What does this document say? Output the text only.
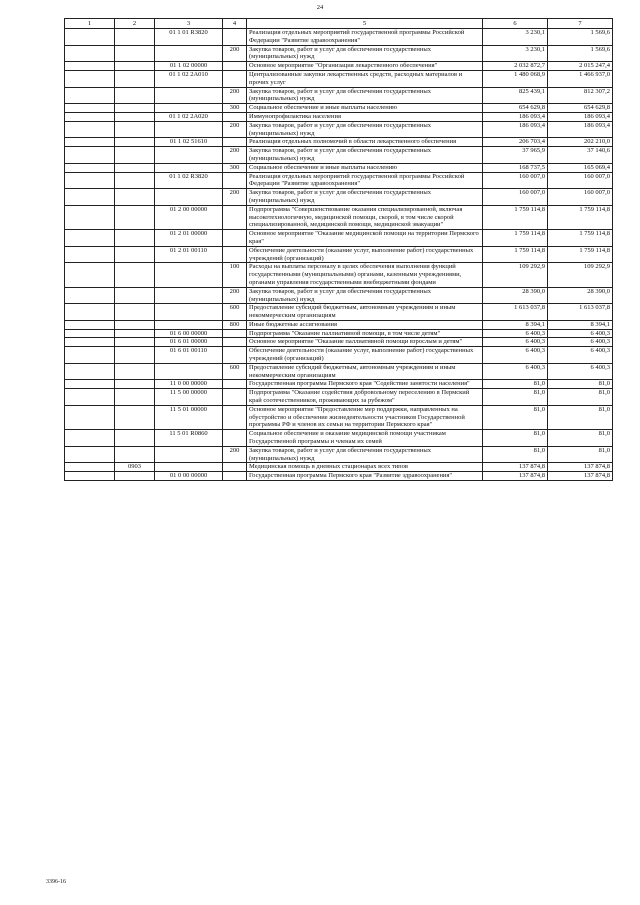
24
1	2	3	4	5	6	7
		01 1 01 R3820		Реализация отдельных мероприятий государственной программы Российской Федерации "Развитие здравоохранения"	3 230,1	1 569,6
			200	Закупка товаров, работ и услуг для обеспечения государственных (муниципальных) нужд	3 230,1	1 569,6
		01 1 02 00000		Основное мероприятие "Организация лекарственного обеспечения"	2 032 872,7	2 015 247,4
		01 1 02 2А010		Централизованные закупки лекарственных средств, расходных материалов и прочих услуг	1 480 068,9	1 466 937,0
			200	Закупка товаров, работ и услуг для обеспечения государственных (муниципальных) нужд	825 439,1	812 307,2
			300	Социальное обеспечение и иные выплаты населению	654 629,8	654 629,8
		01 1 02 2А020		Иммунопрофилактика населения	186 093,4	186 093,4
			200	Закупка товаров, работ и услуг для обеспечения государственных (муниципальных) нужд	186 093,4	186 093,4
		01 1 02 51610		Реализация отдельных полномочий в области лекарственного обеспечения	206 703,4	202 210,0
			200	Закупка товаров, работ и услуг для обеспечения государственных (муниципальных) нужд	37 965,9	37 140,6
			300	Социальное обеспечение и иные выплаты населению	168 737,5	165 069,4
		01 1 02 R3820		Реализация отдельных мероприятий государственной программы Российской Федерации "Развитие здравоохранения"	160 007,0	160 007,0
			200	Закупка товаров, работ и услуг для обеспечения государственных (муниципальных) нужд	160 007,0	160 007,0
		01 2 00 00000		Подпрограмма "Совершенствование оказания специализированной, включая высокотехнологичную, медицинской помощи, скорой, в том числе скорой специализированной, медицинской помощи, медицинской эвакуации"	1 759 114,8	1 759 114,8
		01 2 01 00000		Основное мероприятие "Оказание медицинской помощи на территории Пермского края"	1 759 114,8	1 759 114,8
		01 2 01 00110		Обеспечение деятельности (оказание услуг, выполнение работ) государственных учреждений (организаций)	1 759 114,8	1 759 114,8
			100	Расходы на выплаты персоналу в целях обеспечения выполнения функций государственными (муниципальными) органами, казенными учреждениями, органами управления государственными внебюджетными фондами	109 292,9	109 292,9
			200	Закупка товаров, работ и услуг для обеспечения государственных (муниципальных) нужд	28 390,0	28 390,0
			600	Предоставление субсидий бюджетным, автономным учреждениям и иным некоммерческим организациям	1 613 037,8	1 613 037,8
			800	Иные бюджетные ассигнования	8 394,1	8 394,1
		01 6 00 00000		Подпрограмма "Оказание паллиативной помощи, в том числе детям"	6 400,3	6 400,3
		01 6 01 00000		Основное мероприятие "Оказание паллиативной помощи взрослым и детям"	6 400,3	6 400,3
		01 6 01 00110		Обеспечение деятельности (оказание услуг, выполнение работ) государственных учреждений (организаций)	6 400,3	6 400,3
			600	Предоставление субсидий бюджетным, автономным учреждениям и иным некоммерческим организациям	6 400,3	6 400,3
		11 0 00 00000		Государственная программа Пермского края "Содействие занятости населения"	81,0	81,0
		11 5 00 00000		Подпрограмма "Оказание содействия добровольному переселению в Пермский край соотечественников, проживающих за рубежом"	81,0	81,0
		11 5 01 00000		Основное мероприятие "Предоставление мер поддержки, направленных на обустройство и обеспечение жизнедеятельности участников Государственной программы РФ и членов их семьи на территории Пермского края"	81,0	81,0
		11 5 01 R0860		Социальное обеспечение и оказание медицинской помощи участникам Государственной программы и членам их семей	81,0	81,0
			200	Закупка товаров, работ и услуг для обеспечения государственных (муниципальных) нужд	81,0	81,0
	0903			Медицинская помощь в дневных стационарах всех типов	137 874,8	137 874,8
		01 0 00 00000		Государственная программа Пермского края "Развитие здравоохранения"	137 874,8	137 874,8
3396-16
